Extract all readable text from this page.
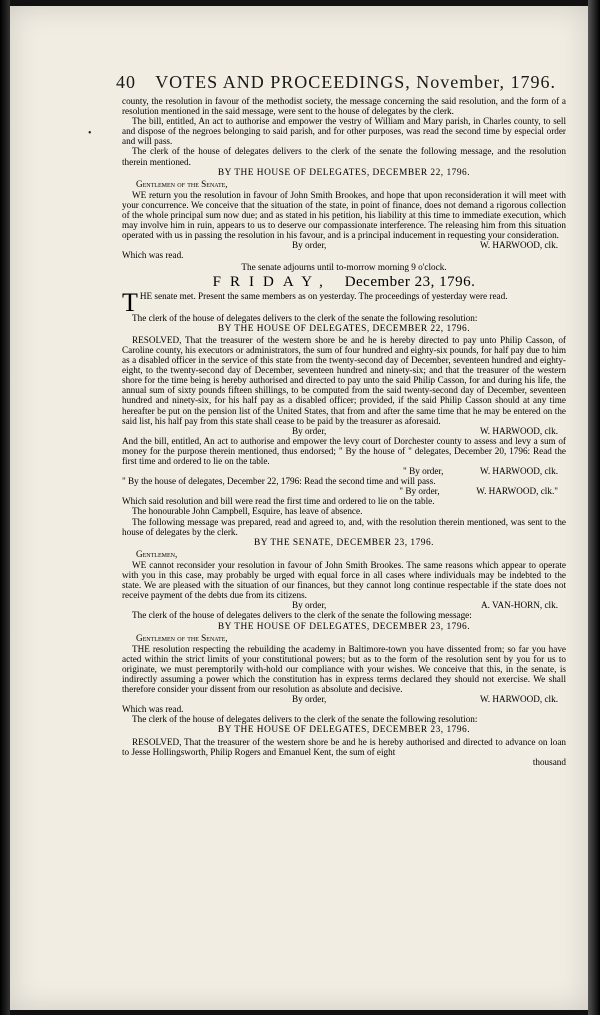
40 VOTES AND PROCEEDINGS, November, 1796.
•

county, the resolution in favour of the methodist society, the message concerning the said resolution, and the form of a resolution mentioned in the said message, were sent to the house of delegates by the clerk.

The bill, entitled, An act to authorise and empower the vestry of William and Mary parish, in Charles county, to sell and dispose of the negroes belonging to said parish, and for other purposes, was read the second time by especial order and will pass.

The clerk of the house of delegates delivers to the clerk of the senate the following message, and the resolution therein mentioned.

BY THE HOUSE OF DELEGATES, DECEMBER 22, 1796.
Gentlemen of the Senate,

WE return you the resolution in favour of John Smith Brookes, and hope that upon reconsideration it will meet with your concurrence. We conceive that the situation of the state, in point of finance, does not demand a rigorous collection of the whole principal sum now due; and as stated in his petition, his liability at this time to immediate execution, which may involve him in ruin, appears to us to deserve our compassionate interference. The releasing him from this situation operated with us in passing the resolution in his favour, and is a principal inducement in requesting your consideration.

By order,	W. HARWOOD, clk.

Which was read.

The senate adjourns until to-morrow morning 9 o'clock.
FRIDAY, December 23, 1796.
T HE senate met. Present the same members as on yesterday. The proceedings of yesterday were read.

The clerk of the house of delegates delivers to the clerk of the senate the following resolution:

BY THE HOUSE OF DELEGATES, DECEMBER 22, 1796.

RESOLVED, That the treasurer of the western shore be and he is hereby directed to pay unto Philip Casson, of Caroline county, his executors or administrators, the sum of four hundred and eighty-six pounds, for half pay due to him as a disabled officer in the service of this state from the twenty-second day of December, seventeen hundred and eighty-eight, to the twenty-second day of December, seventeen hundred and ninety-six; and that the treasurer of the western shore for the time being is hereby authorised and directed to pay unto the said Philip Casson, for and during his life, the annual sum of sixty pounds fifteen shillings, to be computed from the said twenty-second day of December, seventeen hundred and ninety-six, for his half pay as a disabled officer; provided, if the said Philip Casson should at any time hereafter be put on the pension list of the United States, that from and after the same time that he may be entered on the said list, his half pay from this state shall cease to be paid by the treasurer as aforesaid.

By order,	W. HARWOOD, clk.

And the bill, entitled, An act to authorise and empower the levy court of Dorchester county to assess and levy a sum of money for the purpose therein mentioned, thus endorsed; " By the house of " delegates, December 20, 1796: Read the first time and ordered to lie on the table.

" By order,                W. HARWOOD, clk.

" By the house of delegates, December 22, 1796: Read the second time and will pass.

" By order,                W. HARWOOD, clk."

Which said resolution and bill were read the first time and ordered to lie on the table.

The honourable John Campbell, Esquire, has leave of absence.

The following message was prepared, read and agreed to, and, with the resolution therein mentioned, was sent to the house of delegates by the clerk.

BY THE SENATE, DECEMBER 23, 1796.
Gentlemen,

WE cannot reconsider your resolution in favour of John Smith Brookes. The same reasons which appear to operate with you in this case, may probably be urged with equal force in all cases where individuals may be indebted to the state. We are pleased with the situation of our finances, but they cannot long continue respectable if the state does not receive payment of the debts due from its citizens.

By order,	A. VAN-HORN, clk.

The clerk of the house of delegates delivers to the clerk of the senate the following message:

BY THE HOUSE OF DELEGATES, DECEMBER 23, 1796.
Gentlemen of the Senate,

THE resolution respecting the rebuilding the academy in Baltimore-town you have dissented from; so far you have acted within the strict limits of your constitutional powers; but as to the form of the resolution sent by you for us to originate, we must peremptorily with-hold our compliance with your wishes. We conceive that this, in the senate, is indirectly assuming a power which the constitution has in express terms declared they should not exercise. We shall therefore consider your dissent from our resolution as absolute and decisive.

By order,	W. HARWOOD, clk.

Which was read.

The clerk of the house of delegates delivers to the clerk of the senate the following resolution:

BY THE HOUSE OF DELEGATES, DECEMBER 23, 1796.

RESOLVED, That the treasurer of the western shore be and he is hereby authorised and directed to advance on loan to Jesse Hollingsworth, Philip Rogers and Emanuel Kent, the sum of eight

thousand
